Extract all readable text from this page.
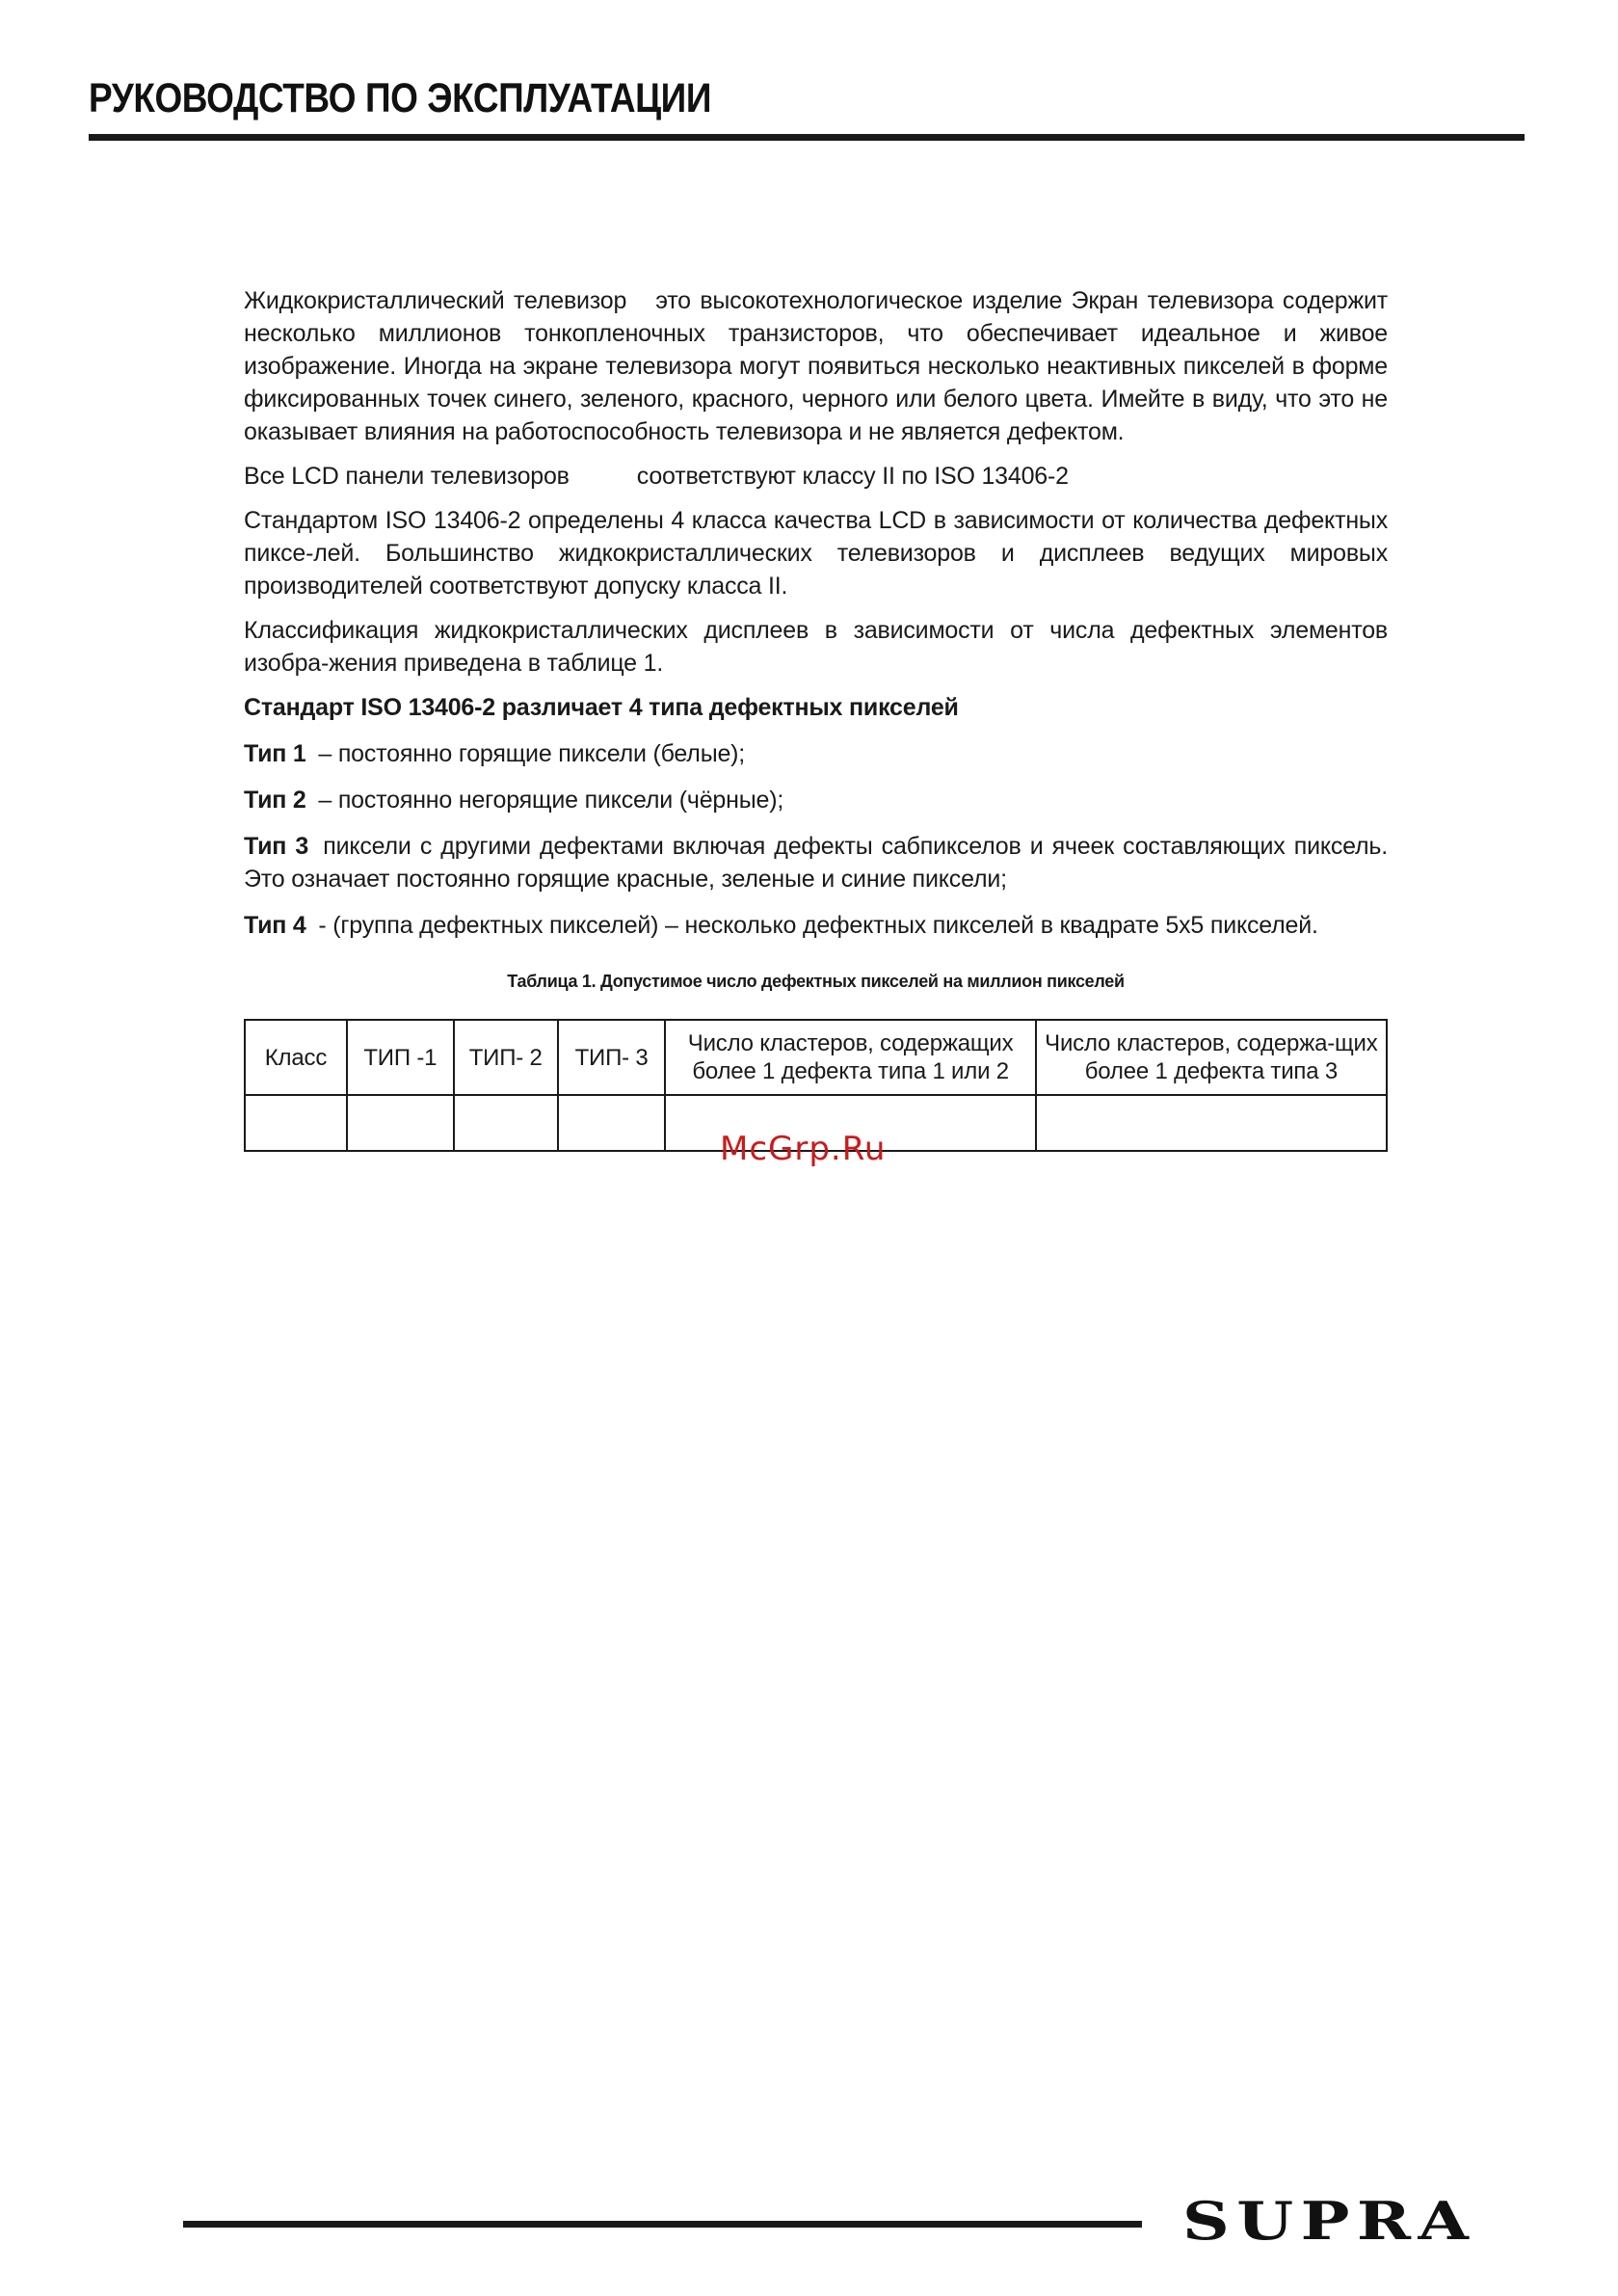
РУКОВОДСТВО ПО ЭКСПЛУАТАЦИИ

Жидкокристаллический телевизор это высокотехнологическое изделие Экран телевизора содержит несколько миллионов тонкопленочных транзисторов, что обеспечивает идеальное и живое изображение. Иногда на экране телевизора могут появиться несколько неактивных пикселей в форме фиксированных точек синего, зеленого, красного, черного или белого цвета. Имейте в виду, что это не оказывает влияния на работоспособность телевизора и не является дефектом.

Все LCD панели телевизоров	соответствуют классу II по ISO 13406-2

Стандартом ISO 13406-2 определены 4 класса качества LCD в зависимости от количества дефектных пиксе-лей. Большинство жидкокристаллических телевизоров и дисплеев ведущих мировых производителей соответствуют допуску класса II.

Классификация жидкокристаллических дисплеев в зависимости от числа дефектных элементов изобра-жения приведена в таблице 1.

Стандарт ISO 13406-2 различает 4 типа дефектных пикселей

Тип 1 – постоянно горящие пиксели (белые);

Тип 2 – постоянно негорящие пиксели (чёрные);

Тип 3 пиксели с другими дефектами включая дефекты сабпикселов и ячеек составляющих пиксель. Это означает постоянно горящие красные, зеленые и синие пиксели;

Тип 4 - (группа дефектных пикселей) – несколько дефектных пикселей в квадрате 5x5 пикселей.

Таблица 1. Допустимое число дефектных пикселей на миллион пикселей
Класс	ТИП -1	ТИП- 2	ТИП- 3	Число кластеров, содержащих более 1 дефекта типа 1 или 2	Число кластеров, содержа-щих более 1 дефекта типа 3

McGrp.Ru
SUPRA
